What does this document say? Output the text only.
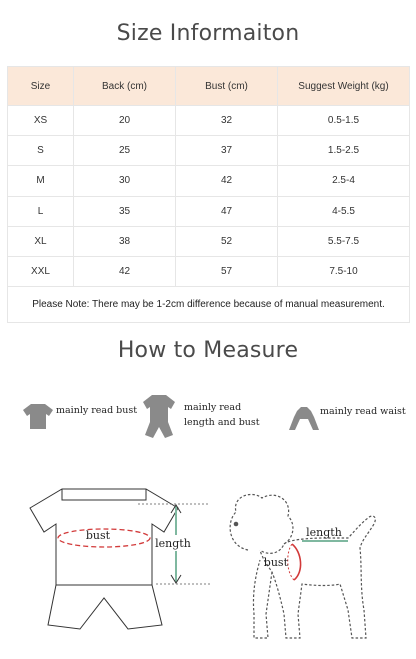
Size Informaiton
Size	Back (cm)	Bust (cm)	Suggest Weight (kg)
XS	20	32	0.5-1.5
S	25	37	1.5-2.5
M	30	42	2.5-4
L	35	47	4-5.5
XL	38	52	5.5-7.5
XXL	42	57	7.5-10
Please Note: There may be 1-2cm difference because of manual measurement.			
How to Measure
mainly read bust	mainly read
length and bust
mainly read waist
length
bust	length
bust
